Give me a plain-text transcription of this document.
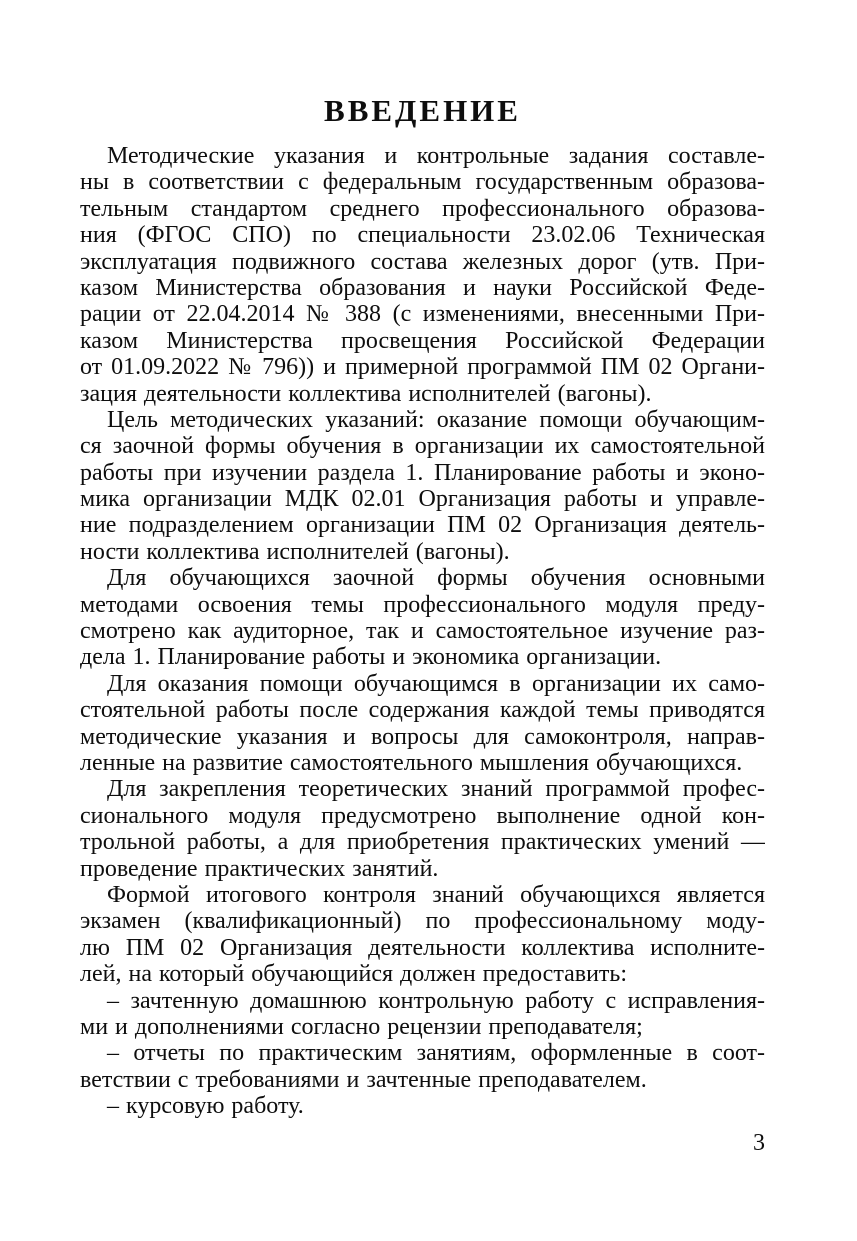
ВВЕДЕНИЕ
Методические указания и контрольные задания составле-
ны в соответствии с федеральным государственным образова-
тельным стандартом среднего профессионального образова-
ния (ФГОС СПО) по специальности 23.02.06 Техническая
эксплуатация подвижного состава железных дорог (утв. При-
казом Министерства образования и науки Российской Феде-
рации от 22.04.2014 № 388 (с изменениями, внесенными При-
казом Министерства просвещения Российской Федерации
от 01.09.2022 № 796)) и примерной программой ПМ 02 Органи-
зация деятельности коллектива исполнителей (вагоны).
Цель методических указаний: оказание помощи обучающим-
ся заочной формы обучения в организации их самостоятельной
работы при изучении раздела 1. Планирование работы и эконо-
мика организации МДК 02.01 Организация работы и управле-
ние подразделением организации ПМ 02 Организация деятель-
ности коллектива исполнителей (вагоны).
Для обучающихся заочной формы обучения основными
методами освоения темы профессионального модуля преду-
смотрено как аудиторное, так и самостоятельное изучение раз-
дела 1. Планирование работы и экономика организации.
Для оказания помощи обучающимся в организации их само-
стоятельной работы после содержания каждой темы приводятся
методические указания и вопросы для самоконтроля, направ-
ленные на развитие самостоятельного мышления обучающихся.
Для закрепления теоретических знаний программой профес-
сионального модуля предусмотрено выполнение одной кон-
трольной работы, а для приобретения практических умений —
проведение практических занятий.
Формой итогового контроля знаний обучающихся является
экзамен (квалификационный) по профессиональному моду-
лю ПМ 02 Организация деятельности коллектива исполните-
лей, на который обучающийся должен предоставить:
– зачтенную домашнюю контрольную работу с исправления-
ми и дополнениями согласно рецензии преподавателя;
– отчеты по практическим занятиям, оформленные в соот-
ветствии с требованиями и зачтенные преподавателем.
– курсовую работу.
3
